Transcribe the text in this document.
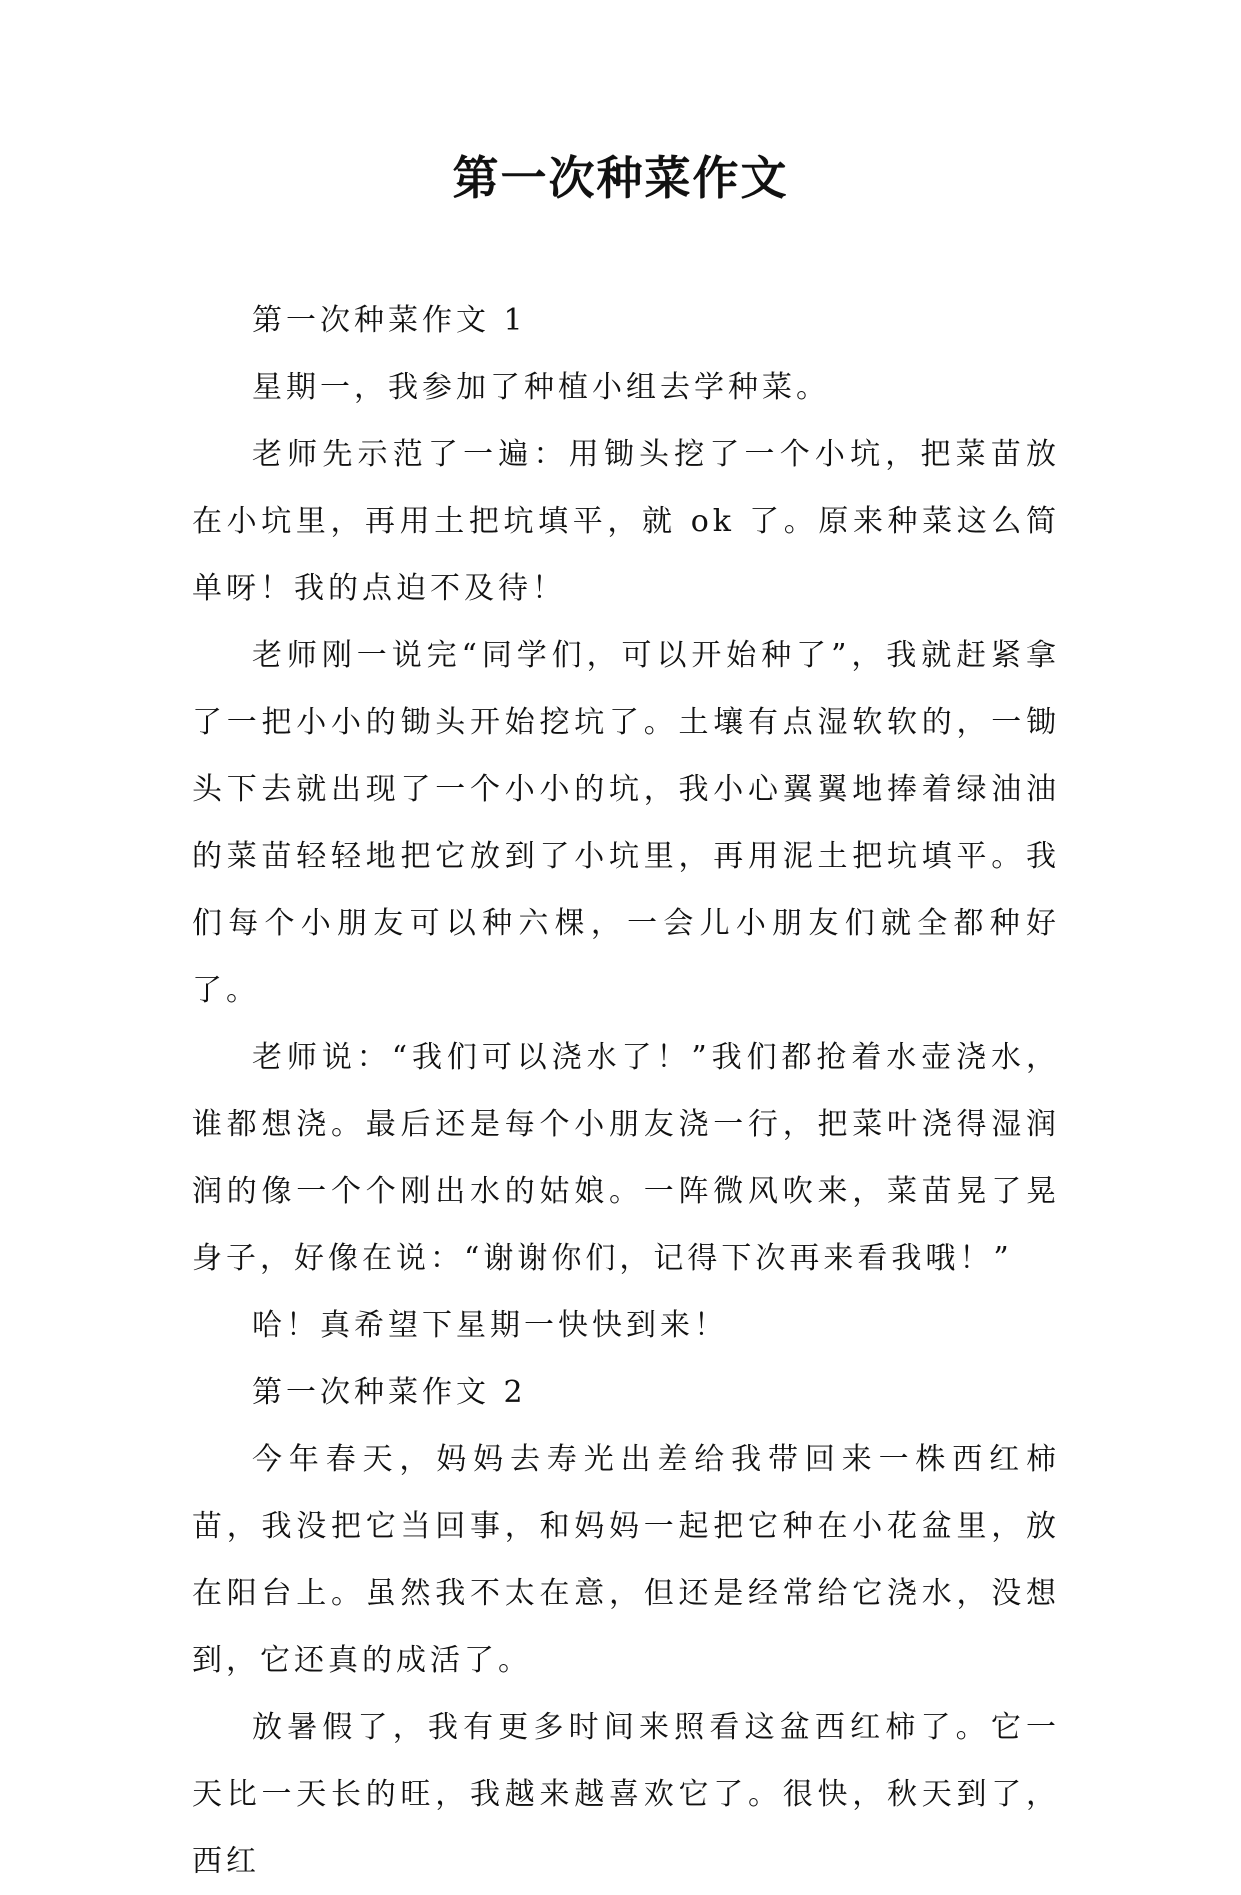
第一次种菜作文

第一次种菜作文 1

星期一，我参加了种植小组去学种菜。

老师先示范了一遍：用锄头挖了一个小坑，把菜苗放在小坑里，再用土把坑填平，就 ok 了。原来种菜这么简单呀！我的点迫不及待！

老师刚一说完“同学们，可以开始种了”，我就赶紧拿了一把小小的锄头开始挖坑了。土壤有点湿软软的，一锄头下去就出现了一个小小的坑，我小心翼翼地捧着绿油油的菜苗轻轻地把它放到了小坑里，再用泥土把坑填平。我们每个小朋友可以种六棵，一会儿小朋友们就全都种好了。

老师说：“我们可以浇水了！”我们都抢着水壶浇水，谁都想浇。最后还是每个小朋友浇一行，把菜叶浇得湿润润的像一个个刚出水的姑娘。一阵微风吹来，菜苗晃了晃身子，好像在说：“谢谢你们，记得下次再来看我哦！”

哈！真希望下星期一快快到来！

第一次种菜作文 2

今年春天，妈妈去寿光出差给我带回来一株西红柿苗，我没把它当回事，和妈妈一起把它种在小花盆里，放在阳台上。虽然我不太在意，但还是经常给它浇水，没想到，它还真的成活了。

放暑假了，我有更多时间来照看这盆西红柿了。它一天比一天长的旺，我越来越喜欢它了。很快，秋天到了，西红
